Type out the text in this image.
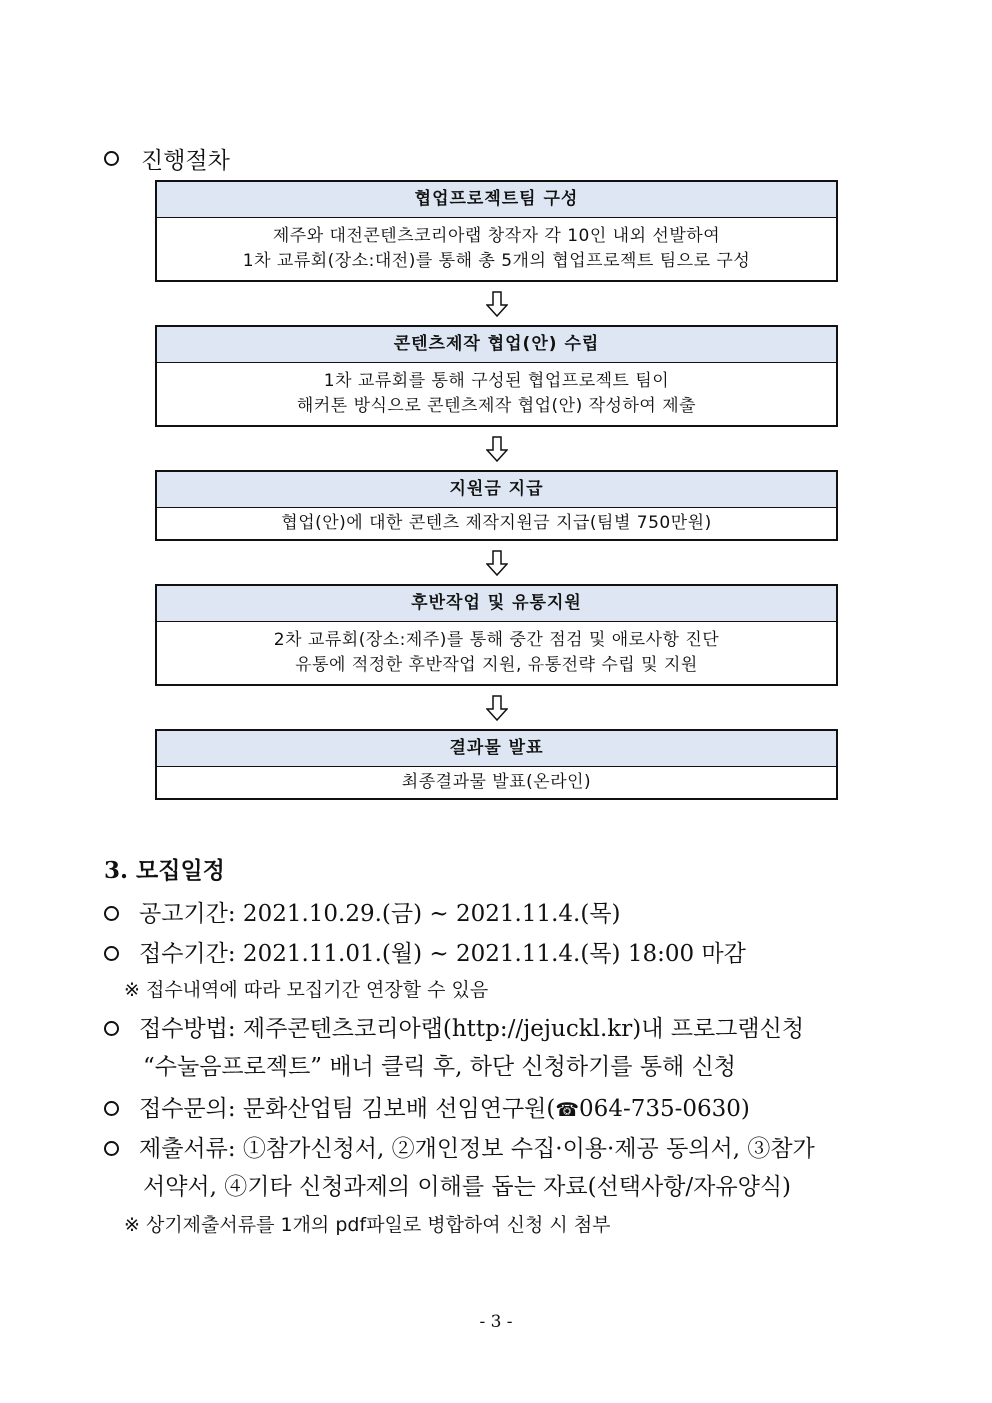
진행절차
협업프로젝트팀 구성
제주와 대전콘텐츠코리아랩 창작자 각 10인 내외 선발하여
1차 교류회(장소:대전)를 통해 총 5개의 협업프로젝트 팀으로 구성
콘텐츠제작 협업(안) 수립
1차 교류회를 통해 구성된 협업프로젝트 팀이
해커톤 방식으로 콘텐츠제작 협업(안) 작성하여 제출
지원금 지급
협업(안)에 대한 콘텐츠 제작지원금 지급(팀별 750만원)
후반작업 및 유통지원
2차 교류회(장소:제주)를 통해 중간 점검 및 애로사항 진단
유통에 적정한 후반작업 지원, 유통전략 수립 및 지원
결과물 발표
최종결과물 발표(온라인)
3. 모집일정
공고기간: 2021.10.29.(금) ~ 2021.11.4.(목)
접수기간: 2021.11.01.(월) ~ 2021.11.4.(목) 18:00 마감
※ 접수내역에 따라 모집기간 연장할 수 있음
접수방법: 제주콘텐츠코리아랩(http://jejuckl.kr)내 프로그램신청
“수눌음프로젝트” 배너 클릭 후, 하단 신청하기를 통해 신청
접수문의: 문화산업팀 김보배 선임연구원(☎064-735-0630)
제출서류: ①참가신청서, ②개인정보 수집·이용·제공 동의서, ③참가
서약서, ④기타 신청과제의 이해를 돕는 자료(선택사항/자유양식)
※ 상기제출서류를 1개의 pdf파일로 병합하여 신청 시 첨부
- 3 -
